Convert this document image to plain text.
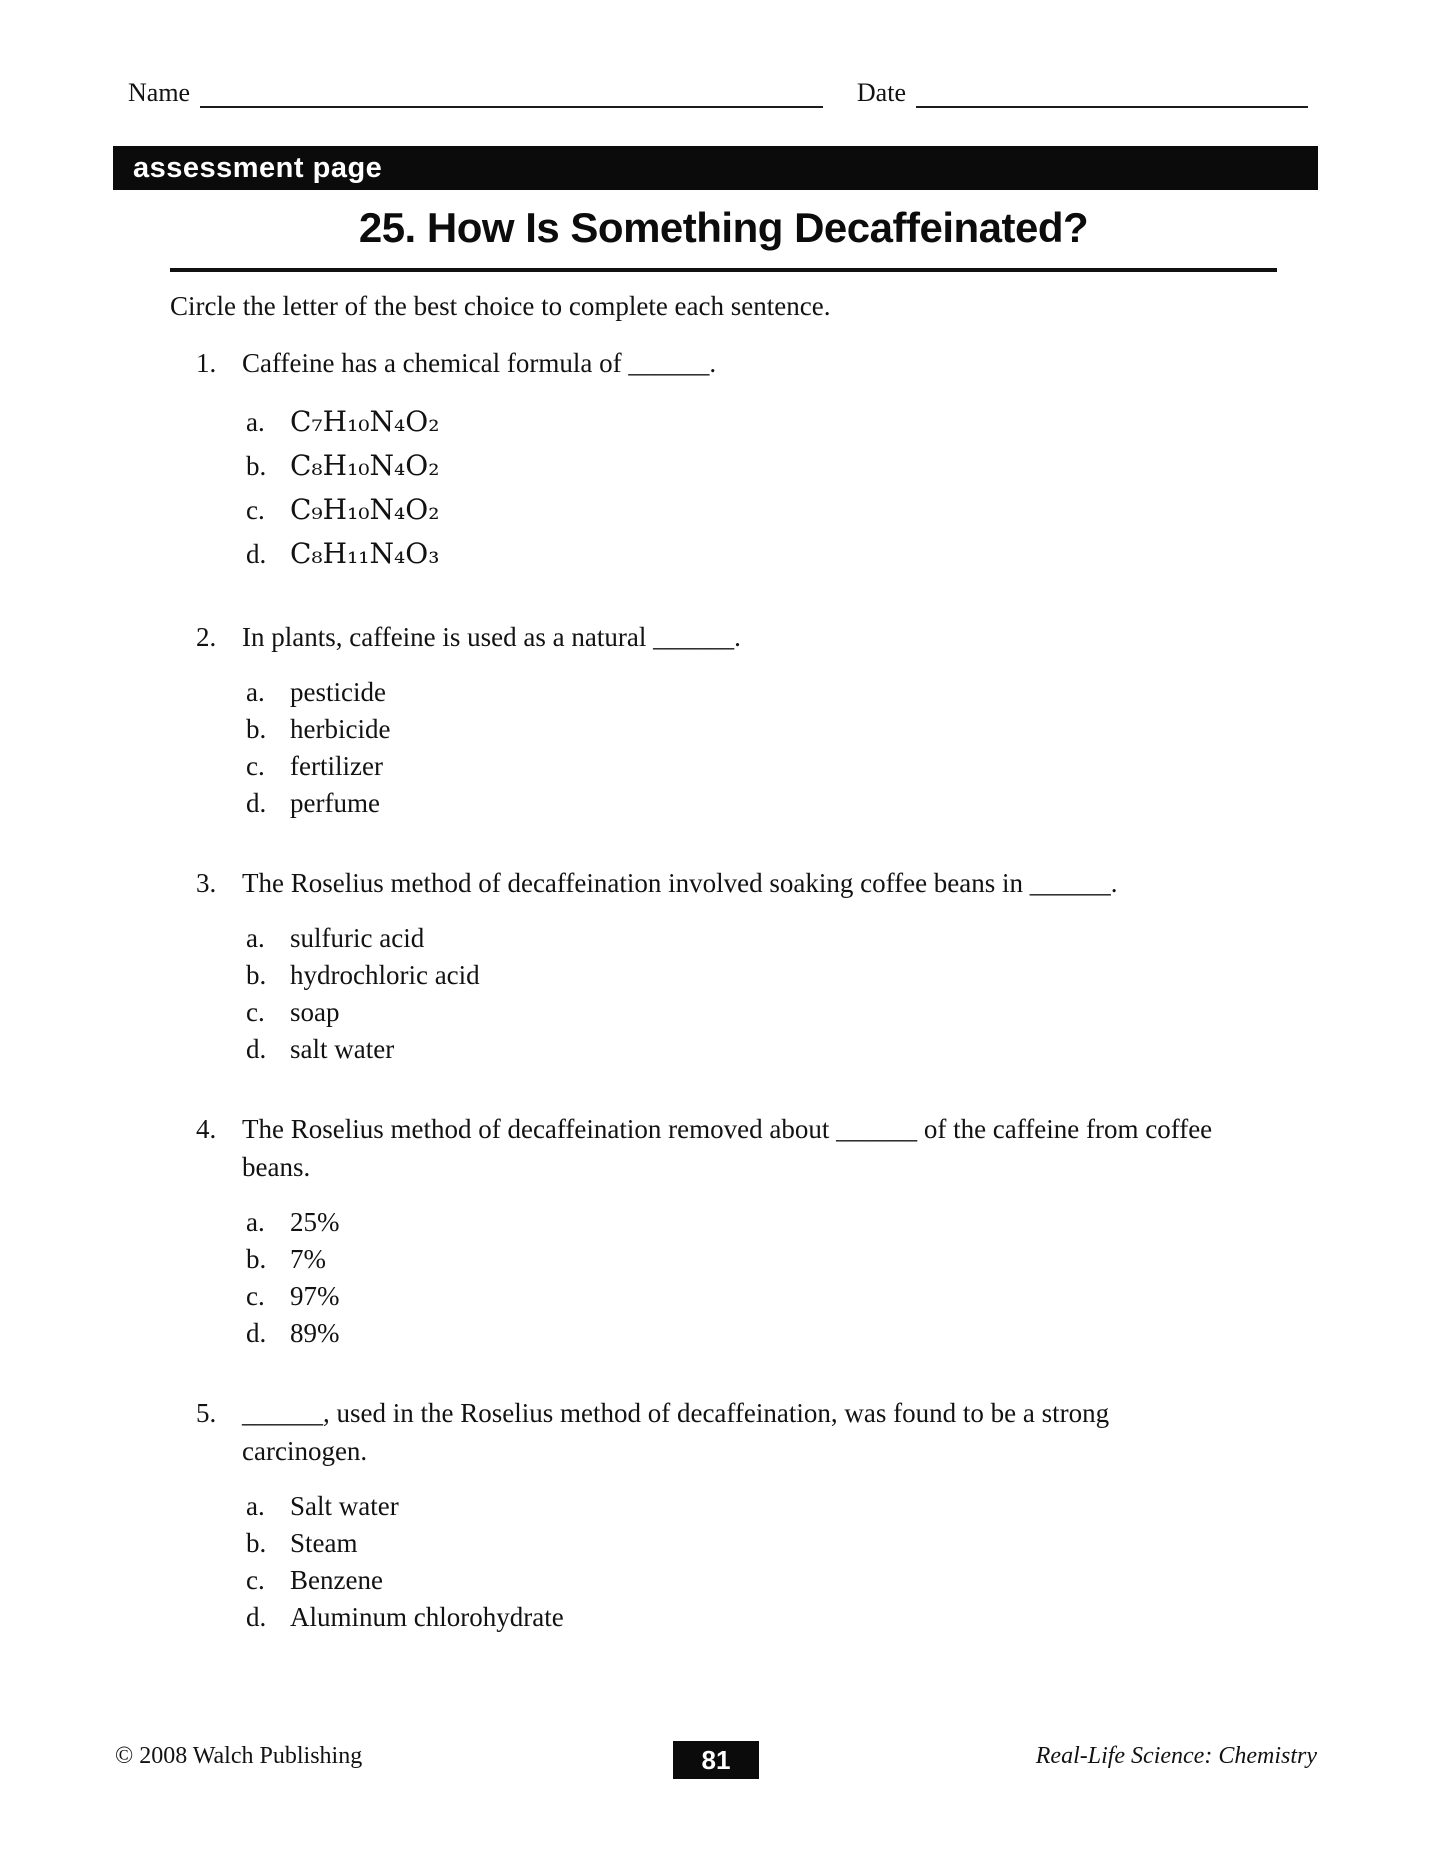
Name	Date
assessment page
25. How Is Something Decaffeinated?

Circle the letter of the best choice to complete each sentence.

1. Caffeine has a chemical formula of ______.

a. C₇H₁₀N₄O₂
b. C₈H₁₀N₄O₂
c. C₉H₁₀N₄O₂
d. C₈H₁₁N₄O₃
2. In plants, caffeine is used as a natural ______.

a. pesticide
b. herbicide
c. fertilizer
d. perfume
3. The Roselius method of decaffeination involved soaking coffee beans in ______.

a. sulfuric acid
b. hydrochloric acid
c. soap
d. salt water
4. The Roselius method of decaffeination removed about ______ of the caffeine from coffee beans.

a. 25%
b. 7%
c. 97%
d. 89%
5. ______, used in the Roselius method of decaffeination, was found to be a strong carcinogen.

a. Salt water
b. Steam
c. Benzene
d. Aluminum chlorohydrate
© 2008 Walch Publishing	81	Real-Life Science: Chemistry
